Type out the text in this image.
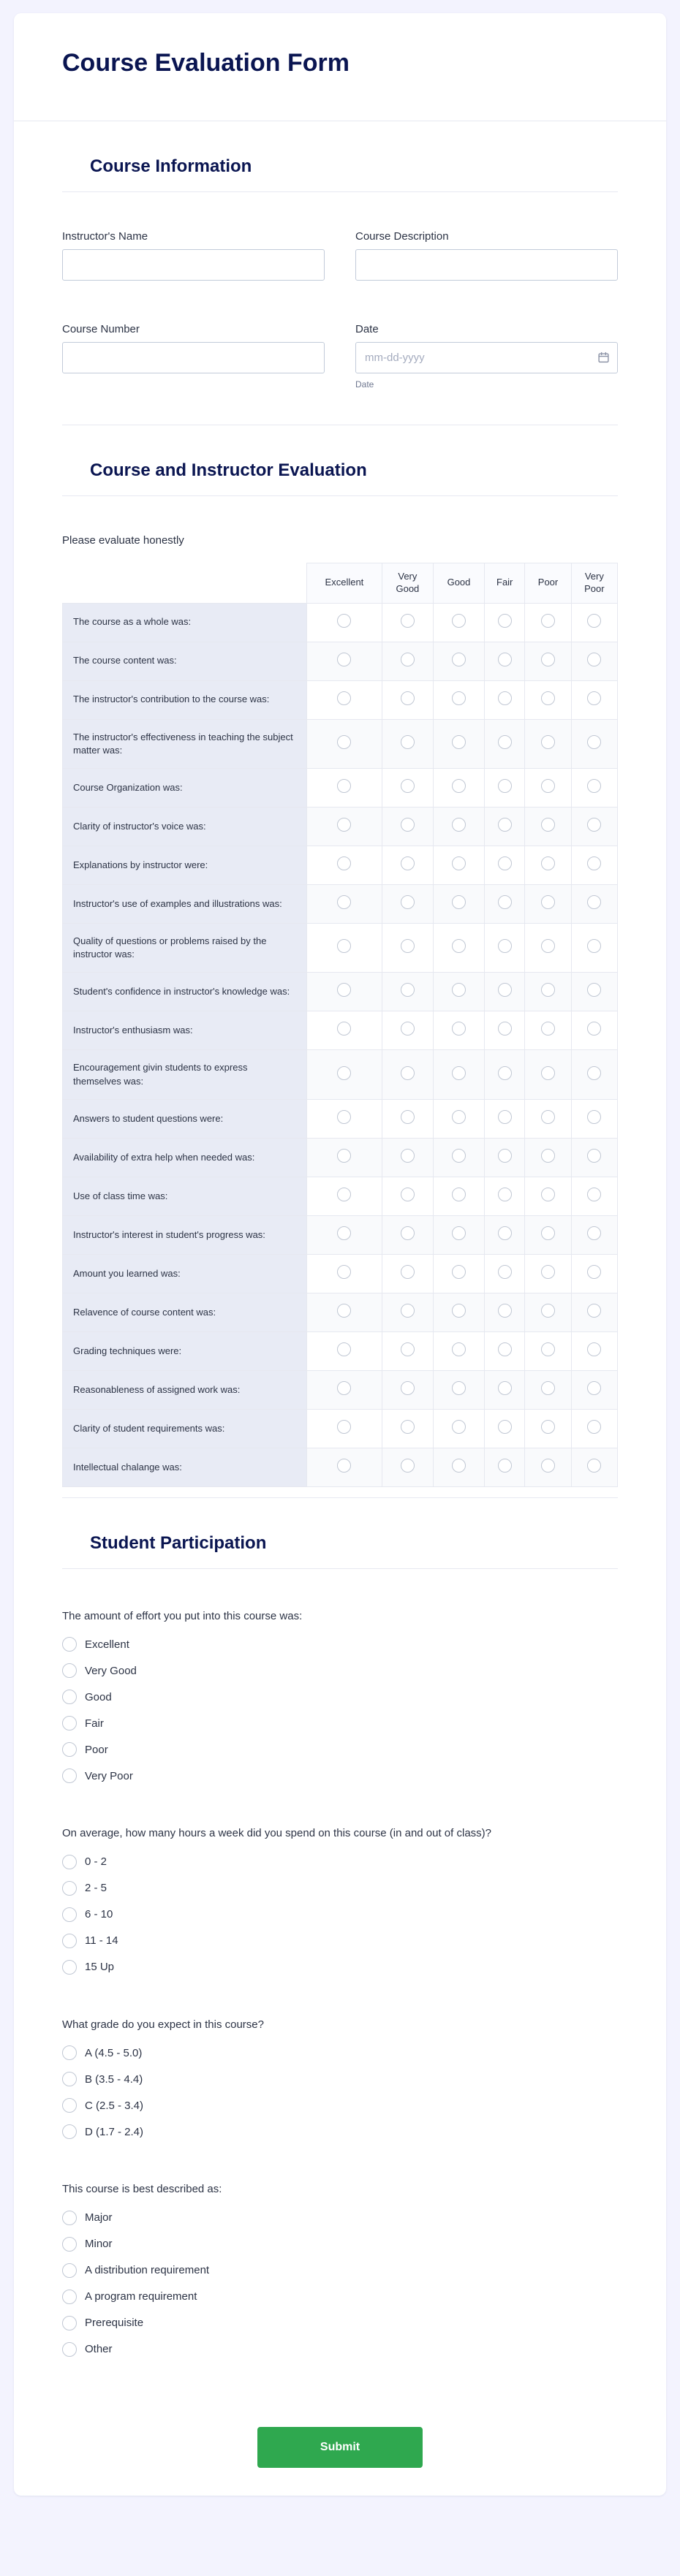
Course Evaluation Form
Course Information
Instructor's Name	Course Description
Course Number	Date
mm-dd-yyyy
Date
Course and Instructor Evaluation
Please evaluate honestly

	Excellent	Very Good	Good	Fair	Poor	Very Poor

The course as a whole was:						
The course content was:						
The instructor's contribution to the course was:						
The instructor's effectiveness in teaching the subject matter was:						
Course Organization was:						
Clarity of instructor's voice was:						
Explanations by instructor were:						
Instructor's use of examples and illustrations was:						
Quality of questions or problems raised by the instructor was:						
Student's confidence in instructor's knowledge was:						
Instructor's enthusiasm was:						
Encouragement givin students to express themselves was:						
Answers to student questions were:						
Availability of extra help when needed was:						
Use of class time was:						
Instructor's interest in student's progress was:						
Amount you learned was:						
Relavence of course content was:						
Grading techniques were:						
Reasonableness of assigned work was:						
Clarity of student requirements was:						
Intellectual chalange was:						
Student Participation
The amount of effort you put into this course was:
Excellent
Very Good
Good
Fair
Poor
Very Poor
On average, how many hours a week did you spend on this course (in and out of class)?
0 - 2
2 - 5
6 - 10
11 - 14
15 Up
What grade do you expect in this course?
A (4.5 - 5.0)
B (3.5 - 4.4)
C (2.5 - 3.4)
D (1.7 - 2.4)
This course is best described as:
Major
Minor
A distribution requirement
A program requirement
Prerequisite
Other
Submit
